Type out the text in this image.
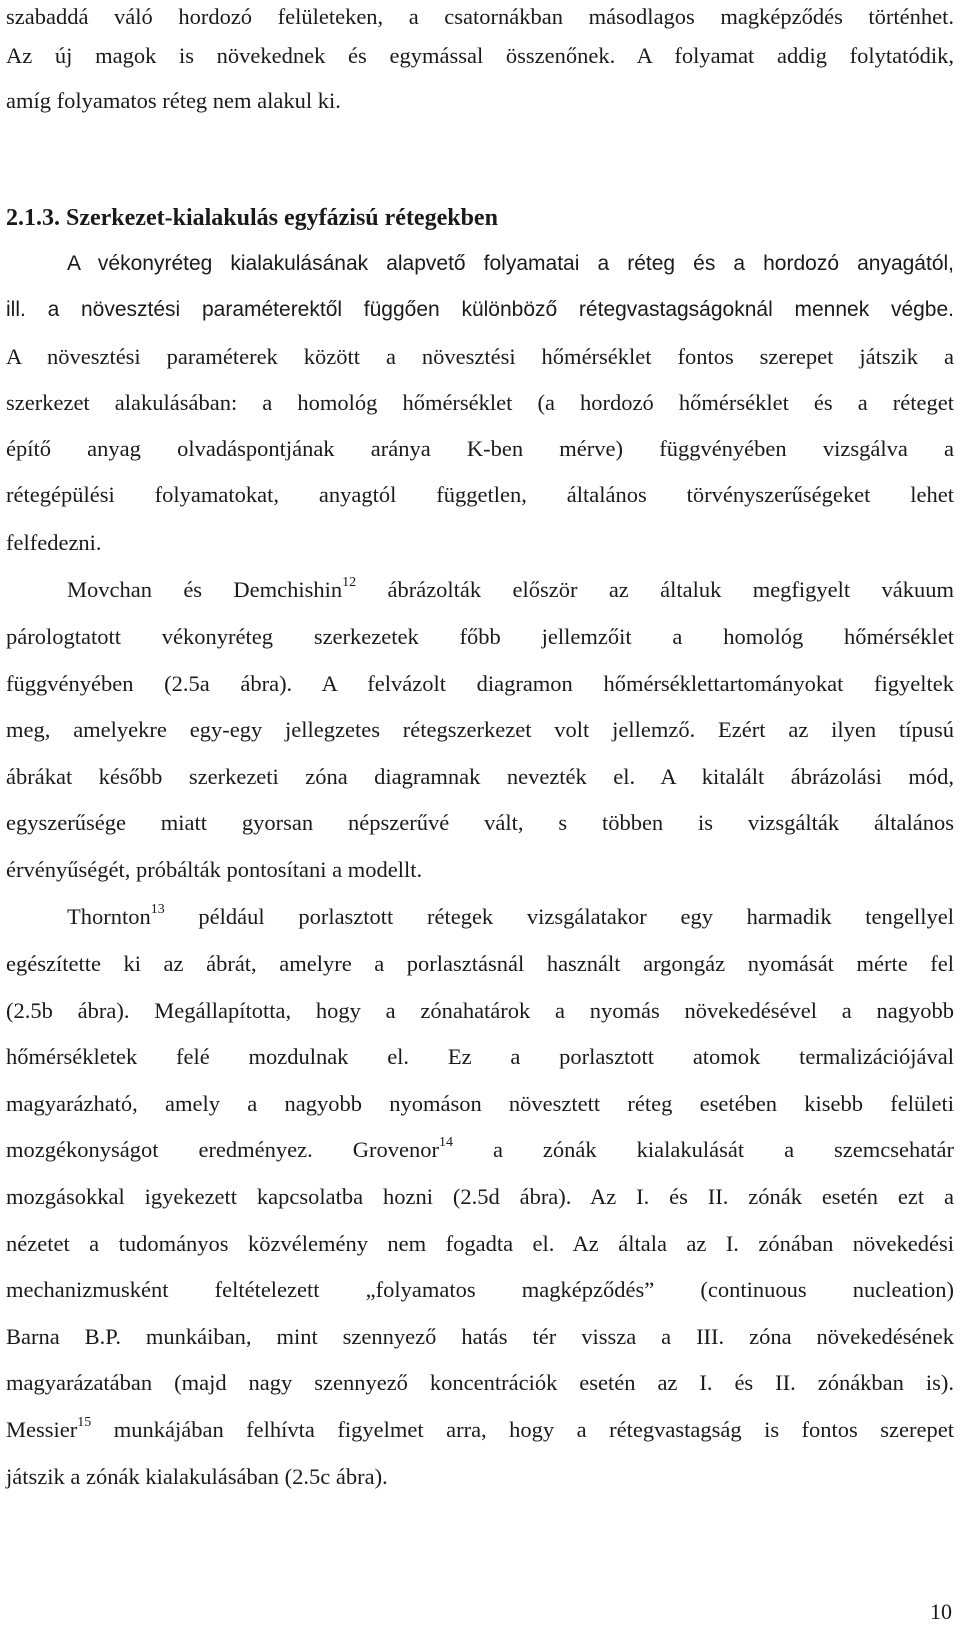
szabaddá váló hordozó felületeken, a csatornákban másodlagos magképződés történhet.
Az új magok is növekednek és egymással összenőnek. A folyamat addig folytatódik,
amíg folyamatos réteg nem alakul ki.
2.1.3. Szerkezet-kialakulás egyfázisú rétegekben
A vékonyréteg kialakulásának alapvető folyamatai a réteg és a hordozó anyagától,
ill. a növesztési paraméterektől függően különböző rétegvastagságoknál mennek végbe.
A növesztési paraméterek között a növesztési hőmérséklet fontos szerepet játszik a
szerkezet alakulásában: a homológ hőmérséklet (a hordozó hőmérséklet és a réteget
építő anyag olvadáspontjának aránya K-ben mérve) függvényében vizsgálva a
rétegépülési folyamatokat, anyagtól független, általános törvényszerűségeket lehet
felfedezni.
Movchan és Demchishin$^{12}$ ábrázolták először az általuk megfigyelt vákuum
párologtatott vékonyréteg szerkezetek főbb jellemzőit a homológ hőmérséklet
függvényében (2.5a ábra). A felvázolt diagramon hőmérséklettartományokat figyeltek
meg, amelyekre egy-egy jellegzetes rétegszerkezet volt jellemző. Ezért az ilyen típusú
ábrákat később szerkezeti zóna diagramnak nevezték el. A kitalált ábrázolási mód,
egyszerűsége miatt gyorsan népszerűvé vált, s többen is vizsgálták általános
érvényűségét, próbálták pontosítani a modellt.
Thornton$^{13}$ például porlasztott rétegek vizsgálatakor egy harmadik tengellyel
egészítette ki az ábrát, amelyre a porlasztásnál használt argongáz nyomását mérte fel
(2.5b ábra). Megállapította, hogy a zónahatárok a nyomás növekedésével a nagyobb
hőmérsékletek felé mozdulnak el. Ez a porlasztott atomok termalizációjával
magyarázható, amely a nagyobb nyomáson növesztett réteg esetében kisebb felületi
mozgékonyságot eredményez. Grovenor$^{14}$ a zónák kialakulását a szemcsehatár
mozgásokkal igyekezett kapcsolatba hozni (2.5d ábra). Az I. és II. zónák esetén ezt a
nézetet a tudományos közvélemény nem fogadta el. Az általa az I. zónában növekedési
mechanizmusként feltételezett „folyamatos magképződés” (continuous nucleation)
Barna B.P. munkáiban, mint szennyező hatás tér vissza a III. zóna növekedésének
magyarázatában (majd nagy szennyező koncentrációk esetén az I. és II. zónákban is).
Messier$^{15}$ munkájában felhívta figyelmet arra, hogy a rétegvastagság is fontos szerepet
játszik a zónák kialakulásában (2.5c ábra).
10
